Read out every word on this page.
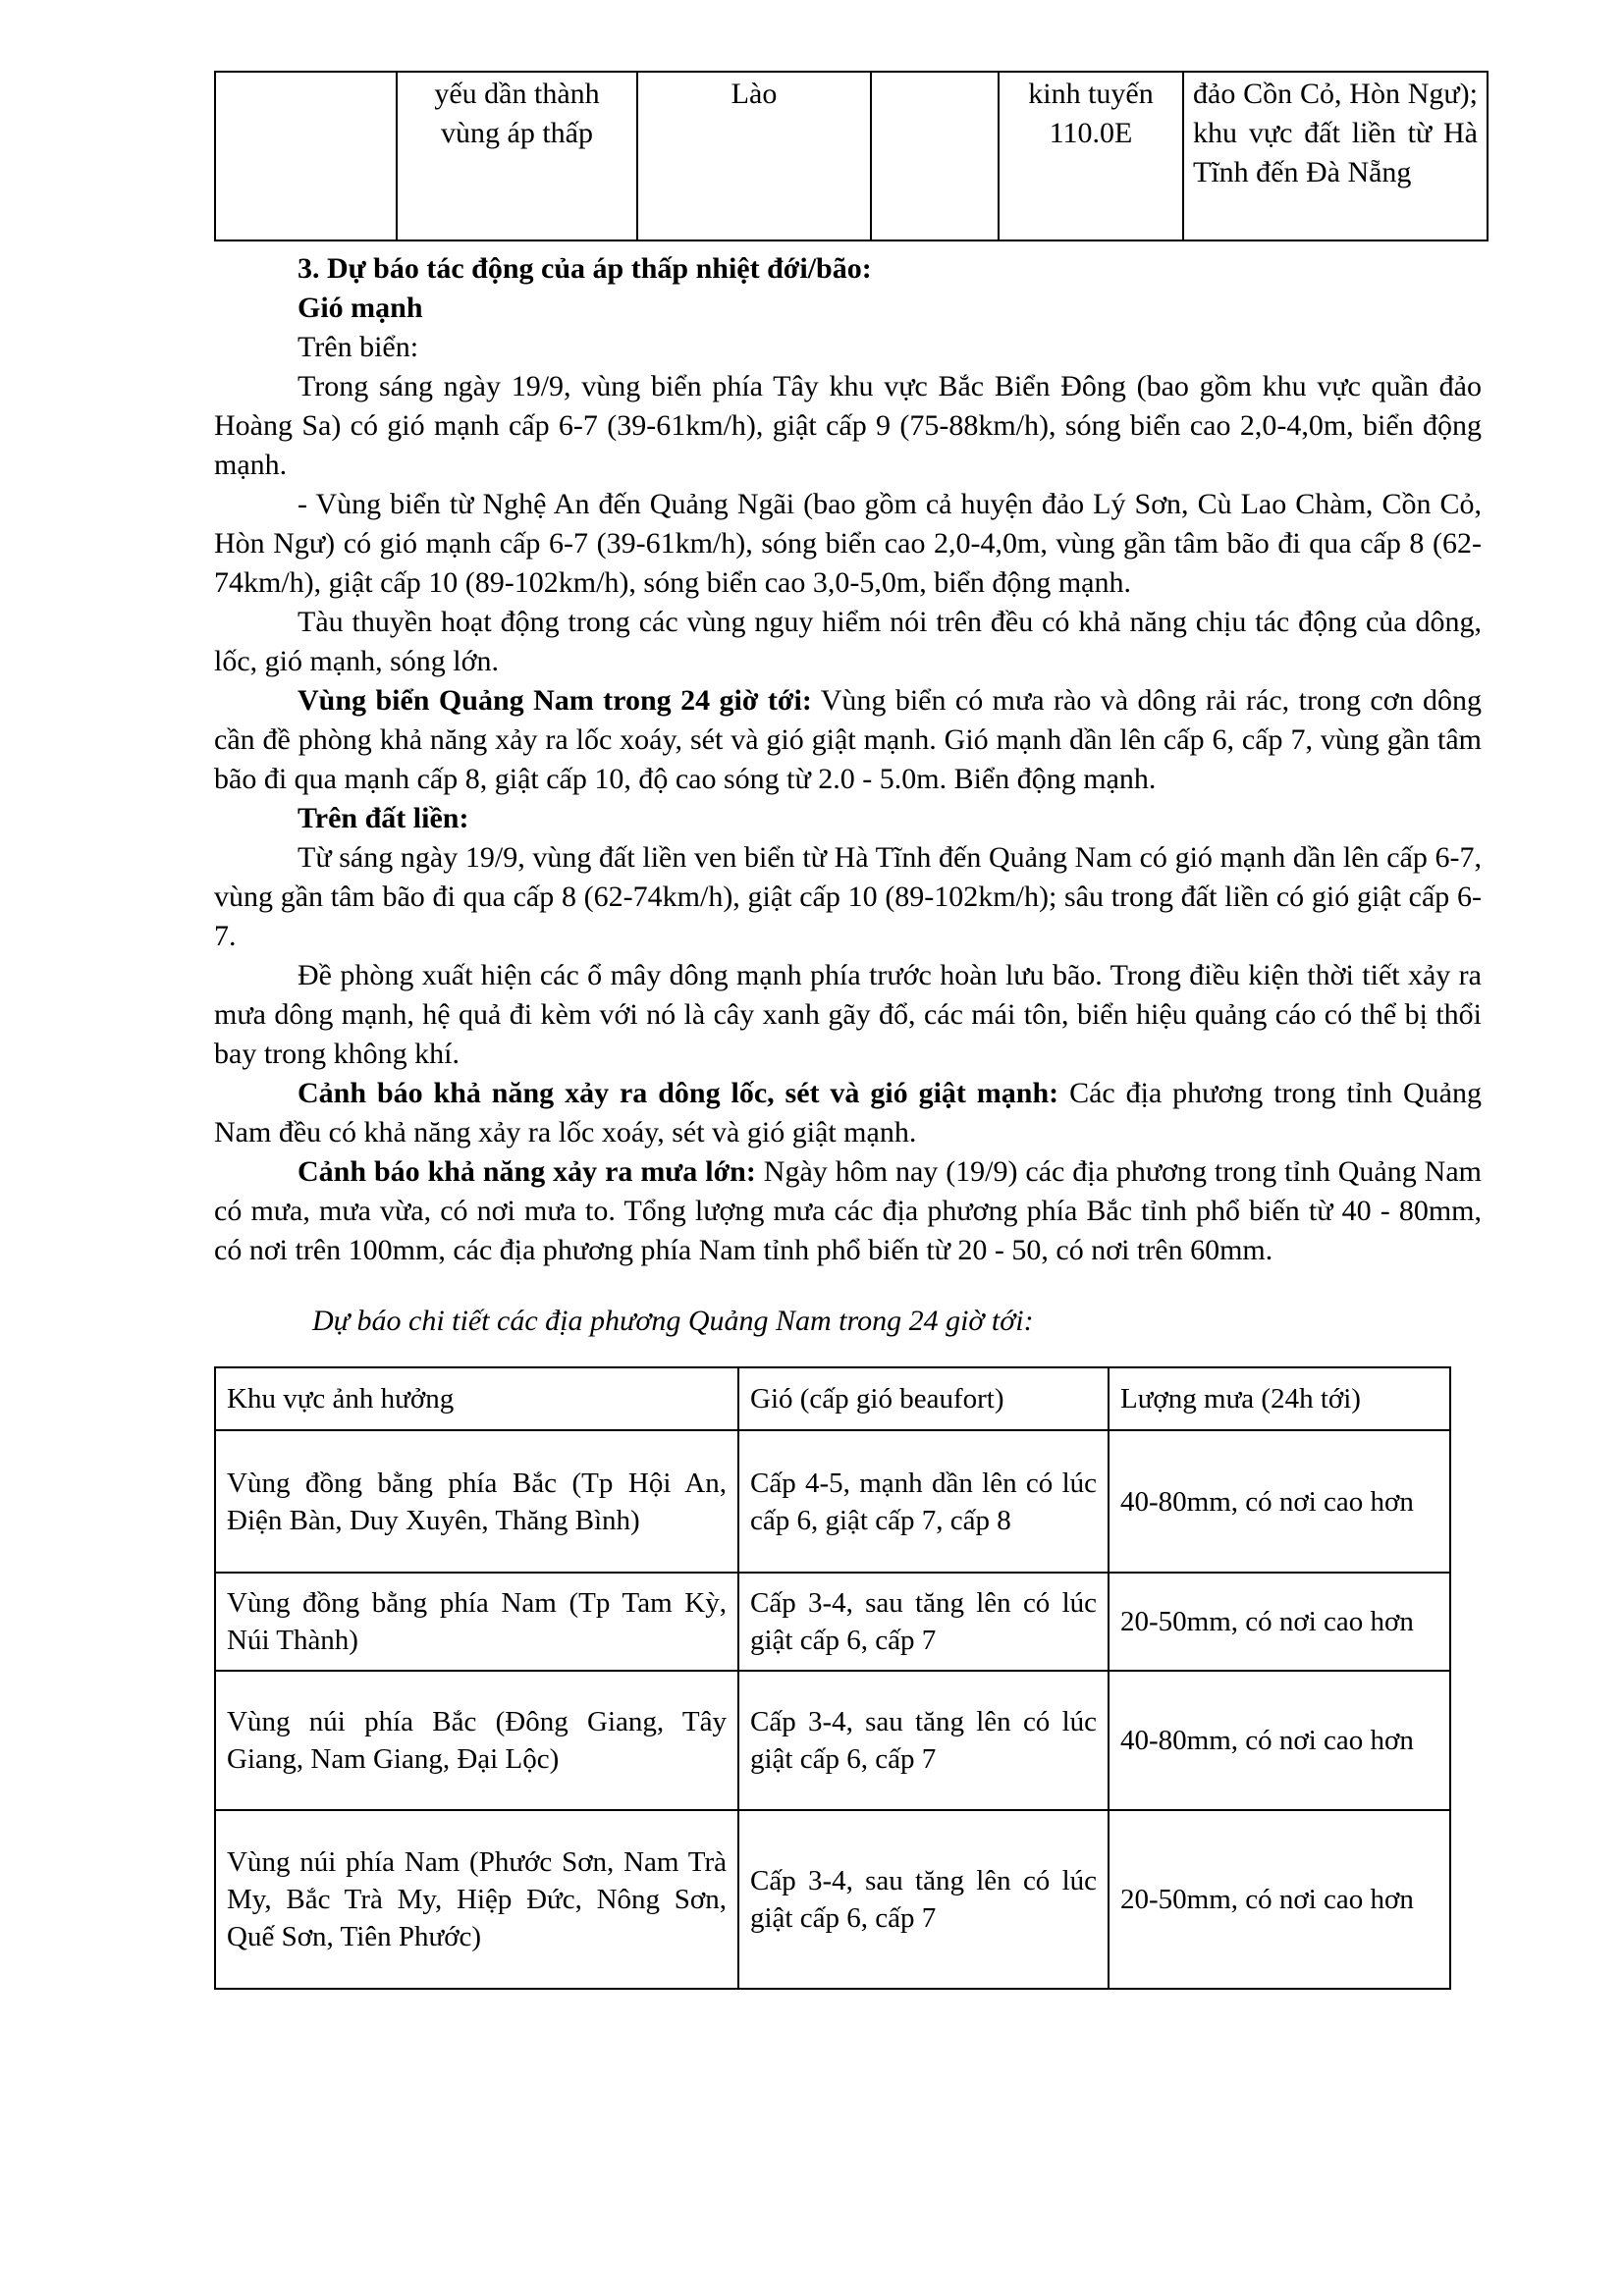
	yếu dần thành vùng áp thấp	Lào		kinh tuyến 110.0E	đảo Cồn Cỏ, Hòn Ngư); khu vực đất liền từ Hà Tĩnh đến Đà Nẵng

3. Dự báo tác động của áp thấp nhiệt đới/bão:

Gió mạnh

Trên biển:

Trong sáng ngày 19/9, vùng biển phía Tây khu vực Bắc Biển Đông (bao gồm khu vực quần đảo Hoàng Sa) có gió mạnh cấp 6-7 (39-61km/h), giật cấp 9 (75-88km/h), sóng biển cao 2,0-4,0m, biển động mạnh.

- Vùng biển từ Nghệ An đến Quảng Ngãi (bao gồm cả huyện đảo Lý Sơn, Cù Lao Chàm, Cồn Cỏ, Hòn Ngư) có gió mạnh cấp 6-7 (39-61km/h), sóng biển cao 2,0-4,0m, vùng gần tâm bão đi qua cấp 8 (62-74km/h), giật cấp 10 (89-102km/h), sóng biển cao 3,0-5,0m, biển động mạnh.

Tàu thuyền hoạt động trong các vùng nguy hiểm nói trên đều có khả năng chịu tác động của dông, lốc, gió mạnh, sóng lớn.

Vùng biển Quảng Nam trong 24 giờ tới: Vùng biển có mưa rào và dông rải rác, trong cơn dông cần đề phòng khả năng xảy ra lốc xoáy, sét và gió giật mạnh. Gió mạnh dần lên cấp 6, cấp 7, vùng gần tâm bão đi qua mạnh cấp 8, giật cấp 10, độ cao sóng từ 2.0 - 5.0m. Biển động mạnh.

Trên đất liền:

Từ sáng ngày 19/9, vùng đất liền ven biển từ Hà Tĩnh đến Quảng Nam có gió mạnh dần lên cấp 6-7, vùng gần tâm bão đi qua cấp 8 (62-74km/h), giật cấp 10 (89-102km/h); sâu trong đất liền có gió giật cấp 6-7.

Đề phòng xuất hiện các ổ mây dông mạnh phía trước hoàn lưu bão. Trong điều kiện thời tiết xảy ra mưa dông mạnh, hệ quả đi kèm với nó là cây xanh gãy đổ, các mái tôn, biển hiệu quảng cáo có thể bị thổi bay trong không khí.

Cảnh báo khả năng xảy ra dông lốc, sét và gió giật mạnh: Các địa phương trong tỉnh Quảng Nam đều có khả năng xảy ra lốc xoáy, sét và gió giật mạnh.

Cảnh báo khả năng xảy ra mưa lớn: Ngày hôm nay (19/9) các địa phương trong tỉnh Quảng Nam có mưa, mưa vừa, có nơi mưa to. Tổng lượng mưa các địa phương phía Bắc tỉnh phổ biến từ 40 - 80mm, có nơi trên 100mm, các địa phương phía Nam tỉnh phổ biến từ 20 - 50, có nơi trên 60mm.

Dự báo chi tiết các địa phương Quảng Nam trong 24 giờ tới:

Khu vực ảnh hưởng	Gió (cấp gió beaufort)	Lượng mưa (24h tới)
Vùng đồng bằng phía Bắc (Tp Hội An, Điện Bàn, Duy Xuyên, Thăng Bình)	Cấp 4-5, mạnh dần lên có lúc cấp 6, giật cấp 7, cấp 8	40-80mm, có nơi cao hơn
Vùng đồng bằng phía Nam (Tp Tam Kỳ, Núi Thành)	Cấp 3-4, sau tăng lên có lúc giật cấp 6, cấp 7	20-50mm, có nơi cao hơn
Vùng núi phía Bắc (Đông Giang, Tây Giang, Nam Giang, Đại Lộc)	Cấp 3-4, sau tăng lên có lúc giật cấp 6, cấp 7	40-80mm, có nơi cao hơn
Vùng núi phía Nam (Phước Sơn, Nam Trà My, Bắc Trà My, Hiệp Đức, Nông Sơn, Quế Sơn, Tiên Phước)	Cấp 3-4, sau tăng lên có lúc giật cấp 6, cấp 7	20-50mm, có nơi cao hơn
